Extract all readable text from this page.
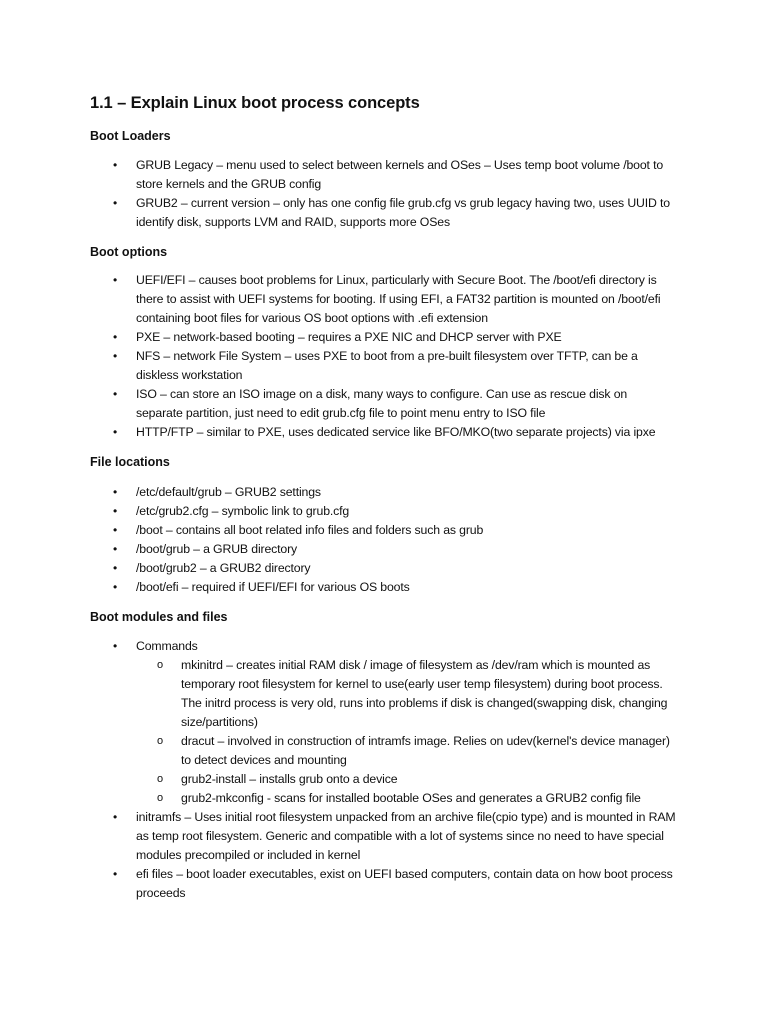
1.1 – Explain Linux boot process concepts
Boot Loaders
• GRUB Legacy – menu used to select between kernels and OSes – Uses temp boot volume /boot to store kernels and the GRUB config
• GRUB2 – current version – only has one config file grub.cfg vs grub legacy having two, uses UUID to identify disk, supports LVM and RAID, supports more OSes
Boot options
• UEFI/EFI – causes boot problems for Linux, particularly with Secure Boot. The /boot/efi directory is there to assist with UEFI systems for booting. If using EFI, a FAT32 partition is mounted on /boot/efi containing boot files for various OS boot options with .efi extension
• PXE – network-based booting – requires a PXE NIC and DHCP server with PXE
• NFS – network File System – uses PXE to boot from a pre-built filesystem over TFTP, can be a diskless workstation
• ISO – can store an ISO image on a disk, many ways to configure. Can use as rescue disk on separate partition, just need to edit grub.cfg file to point menu entry to ISO file
• HTTP/FTP – similar to PXE, uses dedicated service like BFO/MKO(two separate projects) via ipxe
File locations
• /etc/default/grub – GRUB2 settings
• /etc/grub2.cfg – symbolic link to grub.cfg
• /boot – contains all boot related info files and folders such as grub
• /boot/grub – a GRUB directory
• /boot/grub2 – a GRUB2 directory
• /boot/efi – required if UEFI/EFI for various OS boots
Boot modules and files
• Commands
o mkinitrd – creates initial RAM disk / image of filesystem as /dev/ram which is mounted as temporary root filesystem for kernel to use(early user temp filesystem) during boot process. The initrd process is very old, runs into problems if disk is changed(swapping disk, changing size/partitions)
o dracut – involved in construction of intramfs image. Relies on udev(kernel's device manager) to detect devices and mounting
o grub2-install – installs grub onto a device
o grub2-mkconfig - scans for installed bootable OSes and generates a GRUB2 config file
• initramfs – Uses initial root filesystem unpacked from an archive file(cpio type) and is mounted in RAM as temp root filesystem. Generic and compatible with a lot of systems since no need to have special modules precompiled or included in kernel
• efi files – boot loader executables, exist on UEFI based computers, contain data on how boot process proceeds
